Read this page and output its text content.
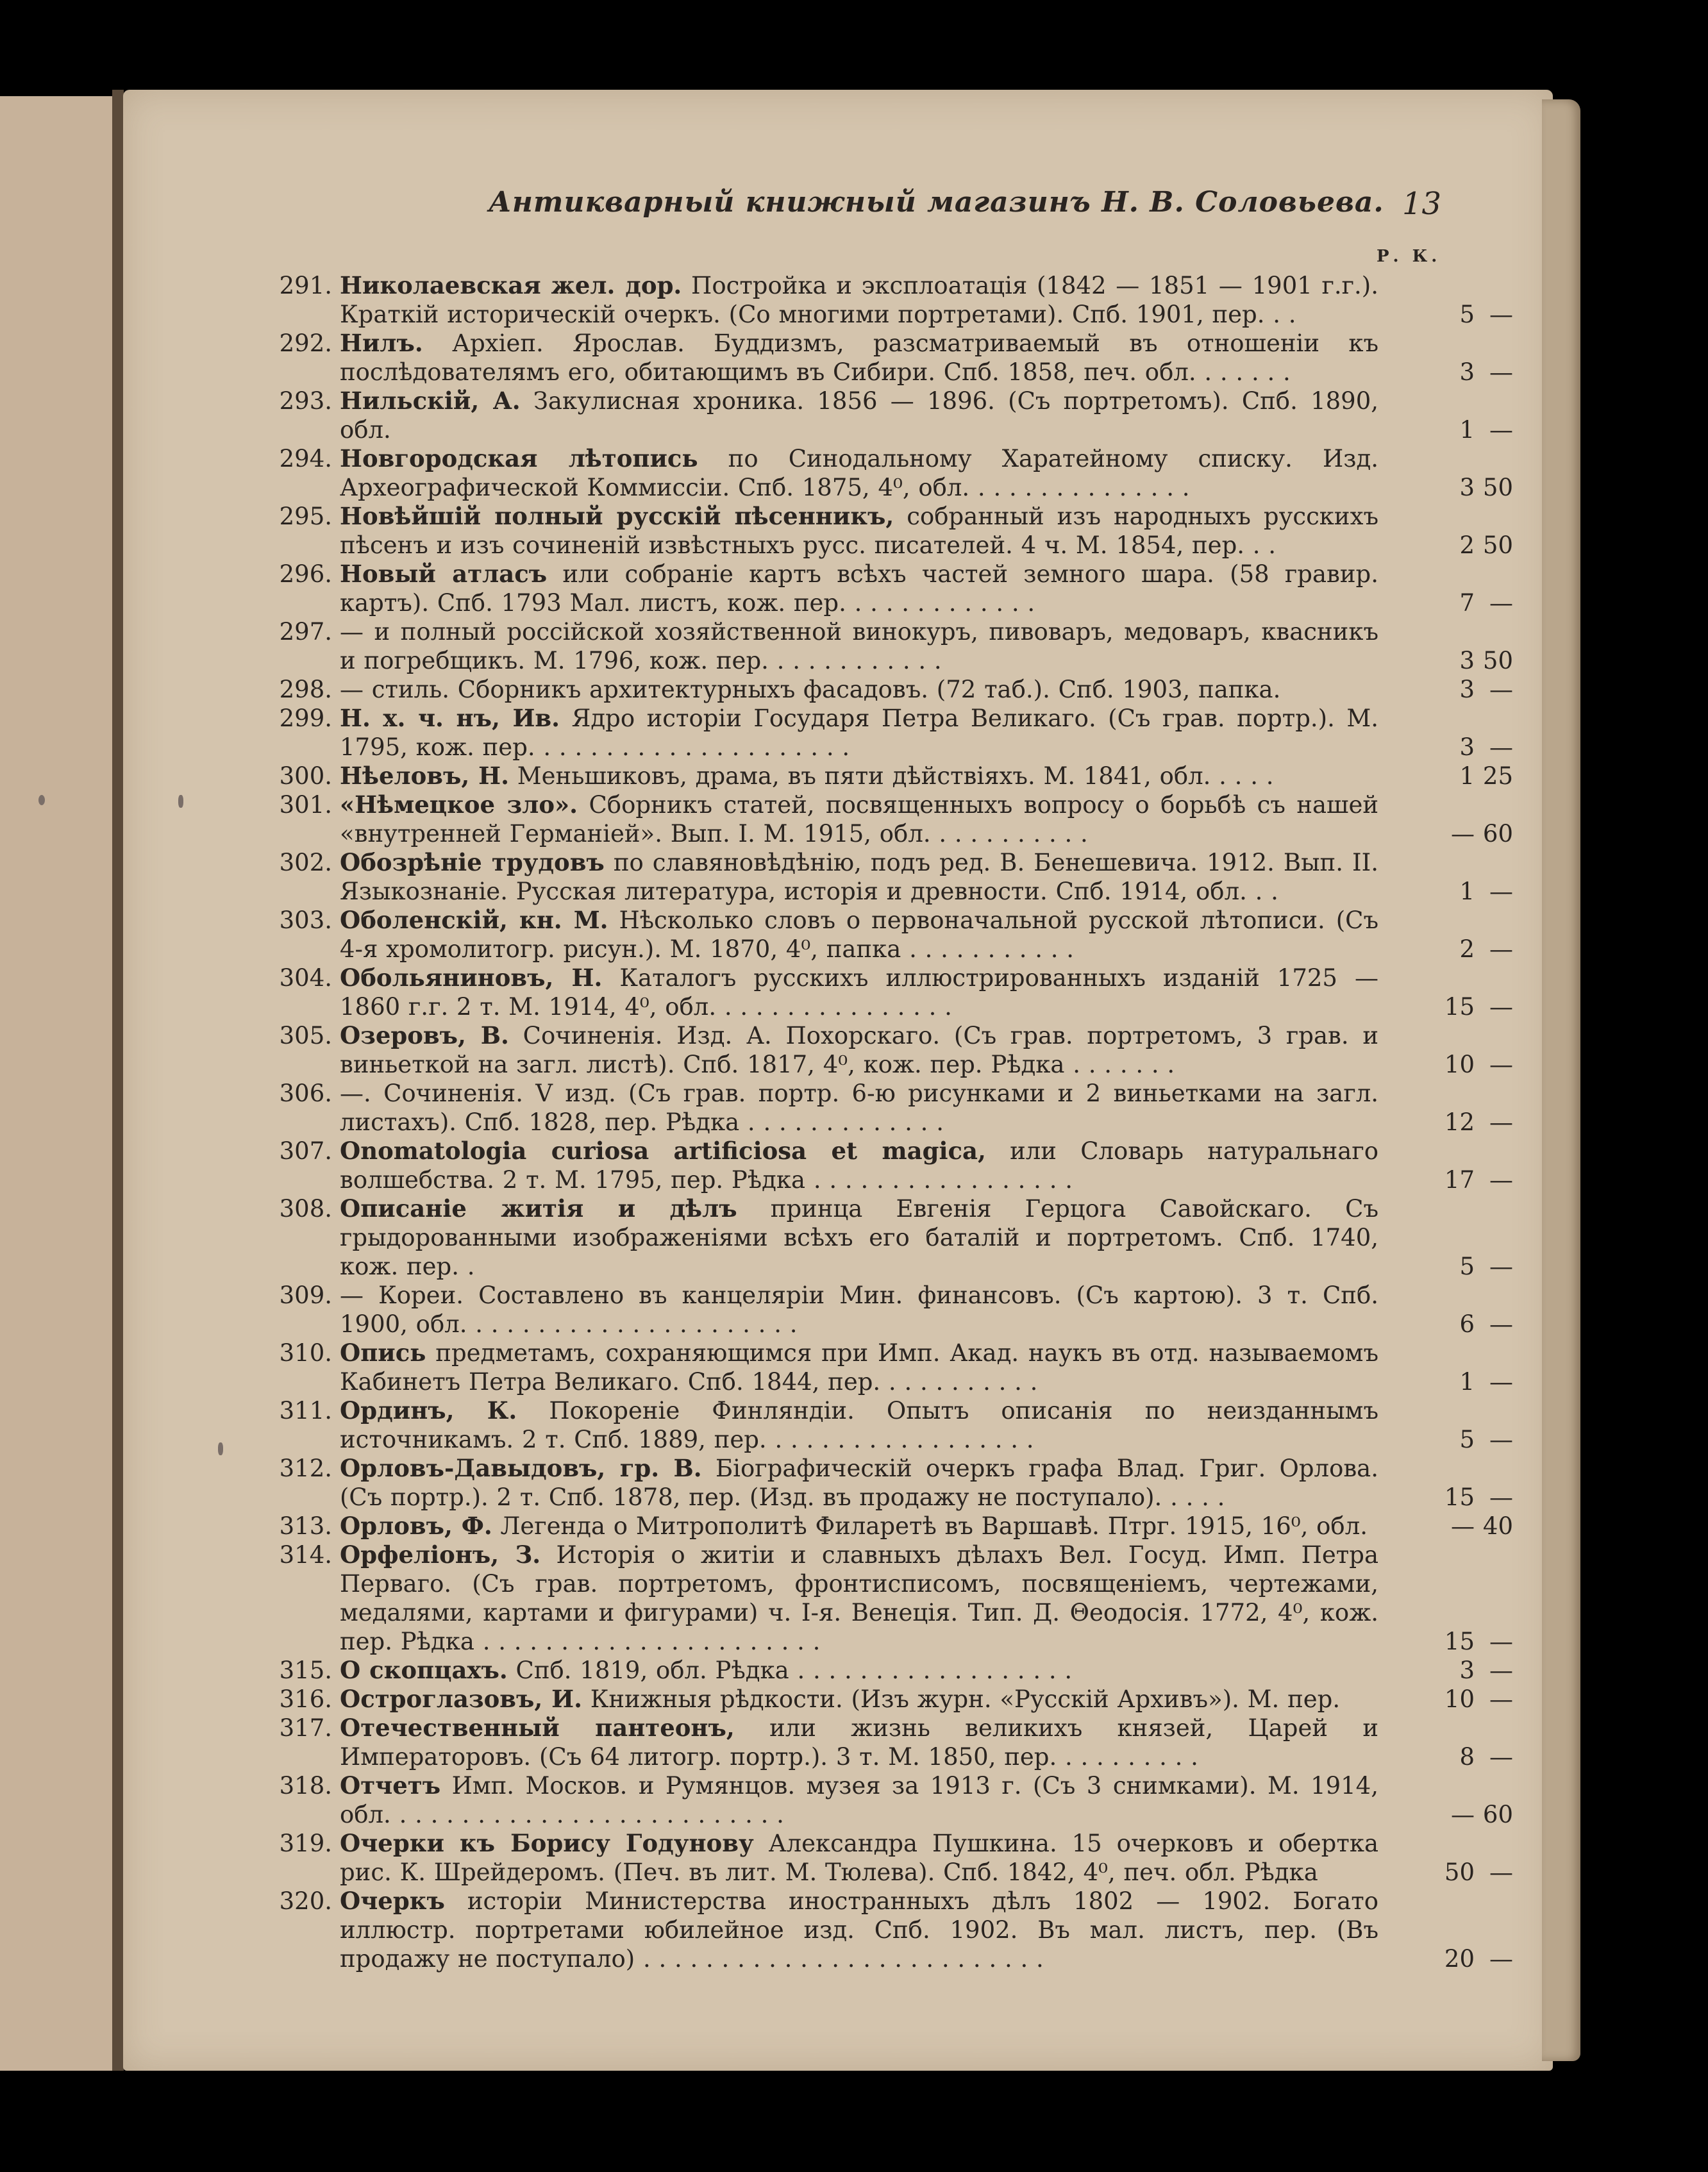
Антикварный книжный магазинъ Н. В. Соловьева. 13
Р. К.
291. Николаевская жел. дор. Постройка и эксплоатація (1842 — 1851 — 1901 г.г.). Краткій историческій очеркъ. (Со многими портретами). Спб. 1901, пер. . .	5 —
292. Нилъ. Архіеп. Ярослав. Буддизмъ, разсматриваемый въ отношеніи къ послѣдователямъ его, обитающимъ въ Сибири. Спб. 1858, печ. обл. . . . . . .	3 —
293. Нильскій, А. Закулисная хроника. 1856 — 1896. (Съ портретомъ). Спб. 1890, обл.	1 —
294. Новгородская лѣтопись по Синодальному Харатейному списку. Изд. Археографической Коммиссіи. Спб. 1875, 4⁰, обл. . . . . . . . . . . . . . .	3 50
295. Новѣйшій полный русскій пѣсенникъ, собранный изъ народныхъ русскихъ пѣсенъ и изъ сочиненій извѣстныхъ русс. писателей. 4 ч. М. 1854, пер. . .	2 50
296. Новый атласъ или собраніе картъ всѣхъ частей земного шара. (58 гравир. картъ). Спб. 1793 Мал. листъ, кож. пер. . . . . . . . . . . . .	7 —
297. — и полный россійской хозяйственной винокуръ, пивоваръ, медоваръ, квасникъ и погребщикъ. М. 1796, кож. пер. . . . . . . . . . . .	3 50
298. — стиль. Сборникъ архитектурныхъ фасадовъ. (72 таб.). Спб. 1903, папка.	3 —
299. Н. х. ч. нъ, Ив. Ядро исторіи Государя Петра Великаго. (Съ грав. портр.). М. 1795, кож. пер. . . . . . . . . . . . . . . . . . . . .	3 —
300. Нѣеловъ, Н. Меньшиковъ, драма, въ пяти дѣйствіяхъ. М. 1841, обл. . . . .	1 25
301. «Нѣмецкое зло». Сборникъ статей, посвященныхъ вопросу о борьбѣ съ нашей «внутренней Германіей». Вып. I. М. 1915, обл. . . . . . . . . . .	— 60
302. Обозрѣніе трудовъ по славяновѣдѣнію, подъ ред. В. Бенешевича. 1912. Вып. II. Языкознаніе. Русская литература, исторія и древности. Спб. 1914, обл. . .	1 —
303. Оболенскій, кн. М. Нѣсколько словъ о первоначальной русской лѣтописи. (Съ 4-я хромолитогр. рисун.). М. 1870, 4⁰, папка . . . . . . . . . . .	2 —
304. Обольяниновъ, Н. Каталогъ русскихъ иллюстрированныхъ изданій 1725 — 1860 г.г. 2 т. М. 1914, 4⁰, обл. . . . . . . . . . . . . . . .	15 —
305. Озеровъ, В. Сочиненія. Изд. А. Похорскаго. (Съ грав. портретомъ, 3 грав. и виньеткой на загл. листѣ). Спб. 1817, 4⁰, кож. пер. Рѣдка . . . . . . .	10 —
306. —. Сочиненія. V изд. (Съ грав. портр. 6-ю рисунками и 2 виньетками на загл. листахъ). Спб. 1828, пер. Рѣдка . . . . . . . . . . . . .	12 —
307. Onomatologia curiosa artificiosa et magica, или Словарь натуральнаго волшебства. 2 т. М. 1795, пер. Рѣдка . . . . . . . . . . . . . . . . .	17 —
308. Описаніе житія и дѣлъ принца Евгенія Герцога Савойскаго. Съ грыдорованными изображеніями всѣхъ его баталій и портретомъ. Спб. 1740, кож. пер. .	5 —
309. — Кореи. Составлено въ канцеляріи Мин. финансовъ. (Съ картою). 3 т. Спб. 1900, обл. . . . . . . . . . . . . . . . . . . . . .	6 —
310. Опись предметамъ, сохраняющимся при Имп. Акад. наукъ въ отд. называемомъ Кабинетъ Петра Великаго. Спб. 1844, пер. . . . . . . . . . .	1 —
311. Ординъ, К. Покореніе Финляндіи. Опытъ описанія по неизданнымъ источникамъ. 2 т. Спб. 1889, пер. . . . . . . . . . . . . . . . . .	5 —
312. Орловъ-Давыдовъ, гр. В. Біографическій очеркъ графа Влад. Григ. Орлова. (Съ портр.). 2 т. Спб. 1878, пер. (Изд. въ продажу не поступало). . . . .	15 —
313. Орловъ, Ф. Легенда о Митрополитѣ Филаретѣ въ Варшавѣ. Птрг. 1915, 16⁰, обл.	— 40
314. Орфеліонъ, З. Исторія о житіи и славныхъ дѣлахъ Вел. Госуд. Имп. Петра Перваго. (Съ грав. портретомъ, фронтисписомъ, посвященіемъ, чертежами, медалями, картами и фигурами) ч. I-я. Венеція. Тип. Д. Θеодосія. 1772, 4⁰, кож. пер. Рѣдка . . . . . . . . . . . . . . . . . . . . . .	15 —
315. О скопцахъ. Спб. 1819, обл. Рѣдка . . . . . . . . . . . . . . . . . .	3 —
316. Остроглазовъ, И. Книжныя рѣдкости. (Изъ журн. «Русскій Архивъ»). М. пер.	10 —
317. Отечественный пантеонъ, или жизнь великихъ князей, Царей и Императоровъ. (Съ 64 литогр. портр.). 3 т. М. 1850, пер. . . . . . . . . .	8 —
318. Отчетъ Имп. Москов. и Румянцов. музея за 1913 г. (Съ 3 снимками). М. 1914, обл. . . . . . . . . . . . . . . . . . . . . . . . . .	— 60
319. Очерки къ Борису Годунову Александра Пушкина. 15 очерковъ и обертка рис. К. Шрейдеромъ. (Печ. въ лит. М. Тюлева). Спб. 1842, 4⁰, печ. обл. Рѣдка	50 —
320. Очеркъ исторіи Министерства иностранныхъ дѣлъ 1802 — 1902. Богато иллюстр. портретами юбилейное изд. Спб. 1902. Въ мал. листъ, пер. (Въ продажу не поступало) . . . . . . . . . . . . . . . . . . . . . . . . . .	20 —
